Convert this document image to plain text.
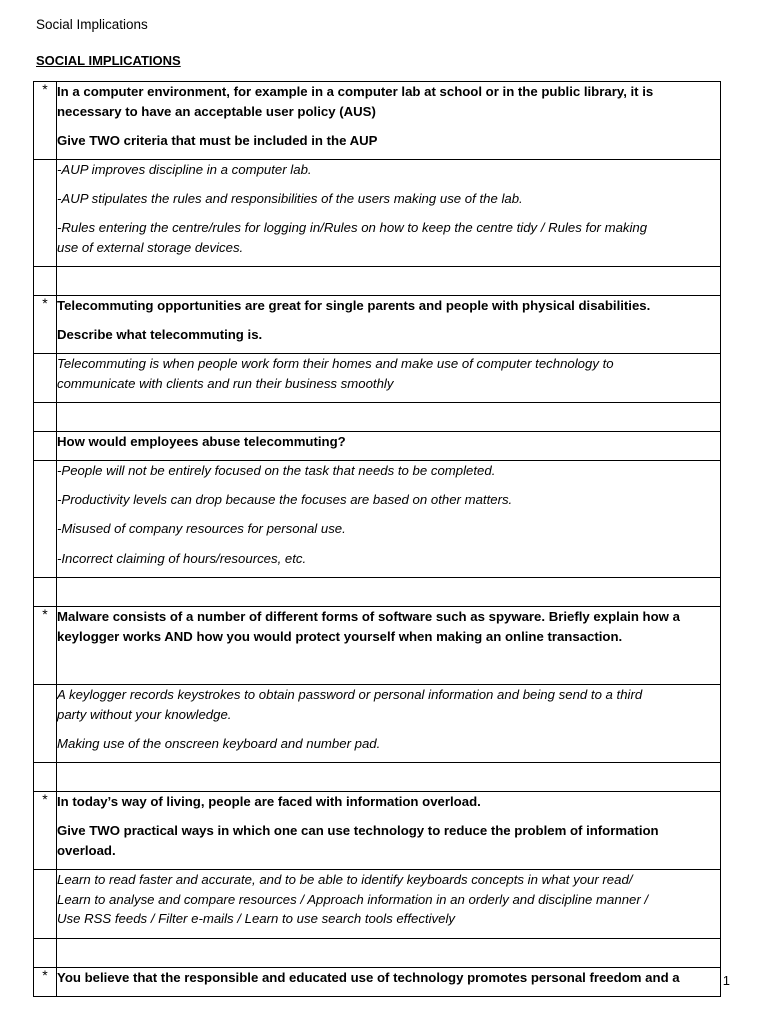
Social Implications
SOCIAL IMPLICATIONS
*	In a computer environment, for example in a computer lab at school or in the public library, it is
necessary to have an acceptable user policy (AUS)
Give TWO criteria that must be included in the AUP

	-AUP improves discipline in a computer lab.
-AUP stipulates the rules and responsibilities of the users making use of the lab.
-Rules entering the centre/rules for logging in/Rules on how to keep the centre tidy / Rules for making
use of external storage devices.

*	Telecommuting opportunities are great for single parents and people with physical disabilities.
Describe what telecommuting is.

	Telecommuting is when people work form their homes and make use of computer technology to
communicate with clients and run their business smoothly

	How would employees abuse telecommuting?

	-People will not be entirely focused on the task that needs to be completed.
-Productivity levels can drop because the focuses are based on other matters.
-Misused of company resources for personal use.
-Incorrect claiming of hours/resources, etc.

*	Malware consists of a number of different forms of software such as spyware. Briefly explain how a
keylogger works AND how you would protect yourself when making an online transaction.

	A keylogger records keystrokes to obtain password or personal information and being send to a third
party without your knowledge.
Making use of the onscreen keyboard and number pad.

*	In today’s way of living, people are faced with information overload.
Give TWO practical ways in which one can use technology to reduce the problem of information
overload.

	Learn to read faster and accurate, and to be able to identify keyboards concepts in what your read/
Learn to analyse and compare resources / Approach information in an orderly and discipline manner /
Use RSS feeds / Filter e-mails / Learn to use search tools effectively

*	You believe that the responsible and educated use of technology promotes personal freedom and a	1
